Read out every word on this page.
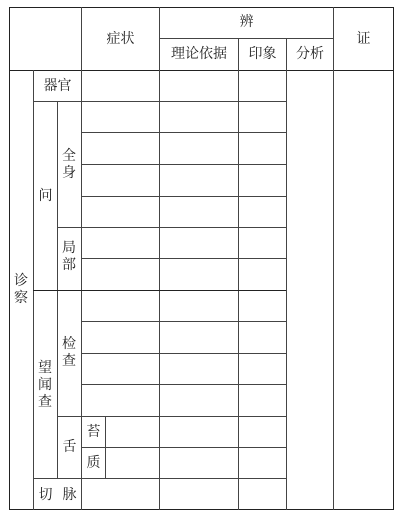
症状
辨
理论依据	印象	分析
证
诊察
器官
问
全身
局部
望闻查
检查
舌
苔
质
切 脉
